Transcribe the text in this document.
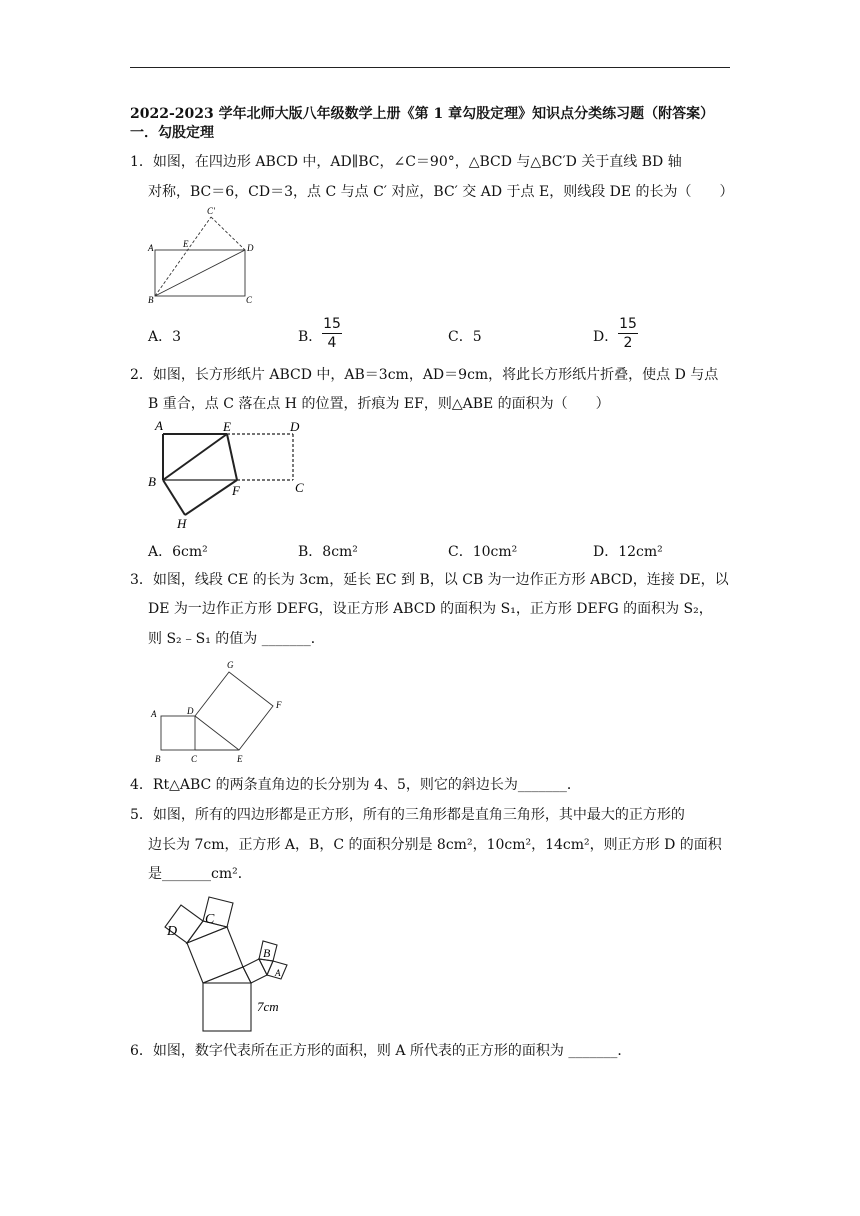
2022-2023 学年北师大版八年级数学上册《第 1 章勾股定理》知识点分类练习题（附答案）
一．勾股定理
1．如图，在四边形 ABCD 中，AD∥BC，∠C＝90°，△BCD 与△BC′D 关于直线 BD 轴
对称，BC＝6，CD＝3，点 C 与点 C′ 对应，BC′ 交 AD 于点 E，则线段 DE 的长为（　　）
A
B	C
D
E
C′
A．3	B．
15
4	C．5	D．
15
2
2．如图，长方形纸片 ABCD 中，AB＝3cm，AD＝9cm，将此长方形纸片折叠，使点 D 与点
B 重合，点 C 落在点 H 的位置，折痕为 EF，则△ABE 的面积为（　　）
A
B	C
D
E
F
H
A．6cm²	B．8cm²	C．10cm²	D．12cm²
3．如图，线段 CE 的长为 3cm，延长 EC 到 B，以 CB 为一边作正方形 ABCD，连接 DE，以
DE 为一边作正方形 DEFG，设正方形 ABCD 的面积为 S₁，正方形 DEFG 的面积为 S₂，
则 S₂﹣S₁ 的值为 _______．
A
B	C
D
E
F
G
4．Rt△ABC 的两条直角边的长分别为 4、5，则它的斜边长为_______．
5．如图，所有的四边形都是正方形，所有的三角形都是直角三角形，其中最大的正方形的
边长为 7cm，正方形 A，B，C 的面积分别是 8cm²，10cm²，14cm²，则正方形 D 的面积
是_______cm²．
D
C
B
A
7cm
6．如图，数字代表所在正方形的面积，则 A 所代表的正方形的面积为 _______．
